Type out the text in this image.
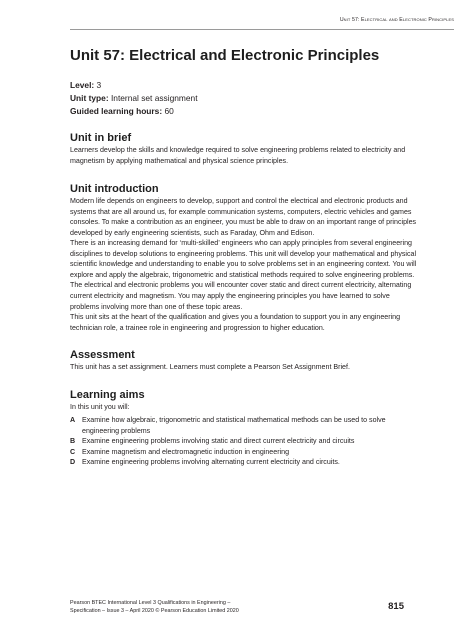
Unit 57: Electrical and Electronic Principles
Unit 57: Electrical and Electronic Principles
Level: 3
Unit type: Internal set assignment
Guided learning hours: 60
Unit in brief

Learners develop the skills and knowledge required to solve engineering problems related to electricity and magnetism by applying mathematical and physical science principles.

Unit introduction

Modern life depends on engineers to develop, support and control the electrical and electronic products and systems that are all around us, for example communication systems, computers, electric vehicles and games consoles. To make a contribution as an engineer, you must be able to draw on an important range of principles developed by early engineering scientists, such as Faraday, Ohm and Edison.

There is an increasing demand for ‘multi-skilled’ engineers who can apply principles from several engineering disciplines to develop solutions to engineering problems. This unit will develop your mathematical and physical scientific knowledge and understanding to enable you to solve problems set in an engineering context. You will explore and apply the algebraic, trigonometric and statistical methods required to solve engineering problems. The electrical and electronic problems you will encounter cover static and direct current electricity, alternating current electricity and magnetism. You may apply the engineering principles you have learned to solve problems involving more than one of these topic areas.

This unit sits at the heart of the qualification and gives you a foundation to support you in any engineering technician role, a trainee role in engineering and progression to higher education.

Assessment

This unit has a set assignment. Learners must complete a Pearson Set Assignment Brief.

Learning aims

In this unit you will:

A Examine how algebraic, trigonometric and statistical mathematical methods can be used to solve engineering problems
B Examine engineering problems involving static and direct current electricity and circuits
C Examine magnetism and electromagnetic induction in engineering
D Examine engineering problems involving alternating current electricity and circuits.
Pearson BTEC International Level 3 Qualifications in Engineering –
Specification – Issue 3 – April 2020 © Pearson Education Limited 2020	815
